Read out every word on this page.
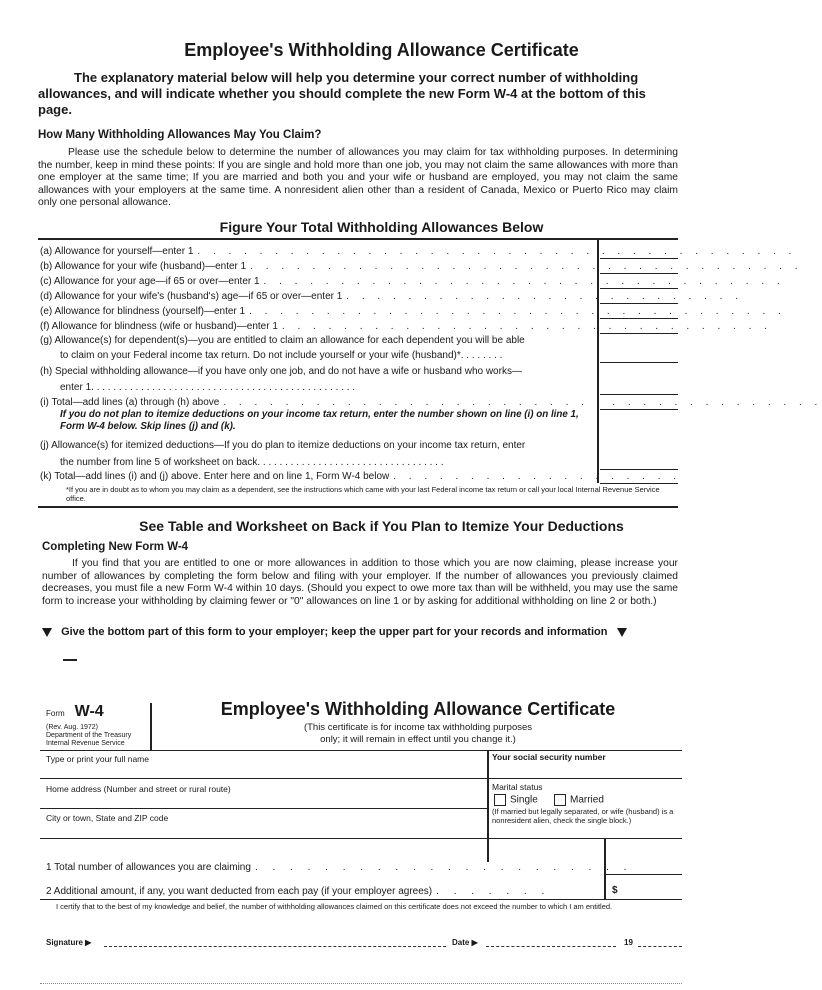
Employee's Withholding Allowance Certificate
The explanatory material below will help you determine your correct number of withholding allowances, and will indicate whether you should complete the new Form W-4 at the bottom of this page.
How Many Withholding Allowances May You Claim?
Please use the schedule below to determine the number of allowances you may claim for tax withholding purposes. In determining the number, keep in mind these points: If you are single and hold more than one job, you may not claim the same allowances with more than one employer at the same time; If you are married and both you and your wife or husband are employed, you may not claim the same allowances with your employers at the same time. A nonresident alien other than a resident of Canada, Mexico or Puerto Rico may claim only one personal allowance.
Figure Your Total Withholding Allowances Below
(a) Allowance for yourself—enter 1 . . . . . . . . . . . . . . . . . . . . . . . . . . . . . . . . . . . . . . .
(b) Allowance for your wife (husband)—enter 1 . . . . . . . . . . . . . . . . . . . . . . . . . . . . . . . . . . . .
(c) Allowance for your age—if 65 or over—enter 1 . . . . . . . . . . . . . . . . . . . . . . . . . . . . . . . . . .
(d) Allowance for your wife's (husband's) age—if 65 or over—enter 1 . . . . . . . . . . . . . . . . . . . . . . . . . .
(e) Allowance for blindness (yourself)—enter 1 . . . . . . . . . . . . . . . . . . . . . . . . . . . . . . . . . . .
(f) Allowance for blindness (wife or husband)—enter 1 . . . . . . . . . . . . . . . . . . . . . . . . . . . . . . . .
(g) Allowance(s) for dependent(s)—you are entitled to claim an allowance for each dependent you will be able
to claim on your Federal income tax return. Do not include yourself or your wife (husband)*. . . . . . . .
(h) Special withholding allowance—if you have only one job, and do not have a wife or husband who works—
enter 1. . . . . . . . . . . . . . . . . . . . . . . . . . . . . . . . . . . . . . . . . . . . . . . .
(i) Total—add lines (a) through (h) above . . . . . . . . . . . . . . . . . . . . . . . . . . . . . . . . . . . . . . .
If you do not plan to itemize deductions on your income tax return, enter the number shown on line (i) on line 1, Form W-4 below. Skip lines (j) and (k).
(j) Allowance(s) for itemized deductions—If you do plan to itemize deductions on your income tax return, enter
the number from line 5 of worksheet on back. . . . . . . . . . . . . . . . . . . . . . . . . . . . . . . . . .
(k) Total—add lines (i) and (j) above. Enter here and on line 1, Form W-4 below . . . . . . . . . . . . . . . . . . .
*If you are in doubt as to whom you may claim as a dependent, see the instructions which came with your last Federal income tax return or call your local Internal Revenue Service office.
See Table and Worksheet on Back if You Plan to Itemize Your Deductions
Completing New Form W-4
If you find that you are entitled to one or more allowances in addition to those which you are now claiming, please increase your number of allowances by completing the form below and filing with your employer. If the number of allowances you previously claimed decreases, you must file a new Form W-4 within 10 days. (Should you expect to owe more tax than will be withheld, you may use the same form to increase your withholding by claiming fewer or "0" allowances on line 1 or by asking for additional withholding on line 2 or both.)
Give the bottom part of this form to your employer; keep the upper part for your records and information
Form W-4
(Rev. Aug. 1972)
Department of the Treasury
Internal Revenue Service
Employee's Withholding Allowance Certificate
(This certificate is for income tax withholding purposes
only; it will remain in effect until you change it.)
Type or print your full name	Your social security number
Home address (Number and street or rural route)	Marital status
Single	Married
City or town, State and ZIP code
(If married but legally separated, or wife (husband) is a nonresident alien, check the single block.)
1 Total number of allowances you are claiming . . . . . . . . . . . . . . . . . . . . . .
2 Additional amount, if any, you want deducted from each pay (if your employer agrees) . . . . . . .	$
I certify that to the best of my knowledge and belief, the number of withholding allowances claimed on this certificate does not exceed the number to which I am entitled.
Signature ▶	Date ▶	19
